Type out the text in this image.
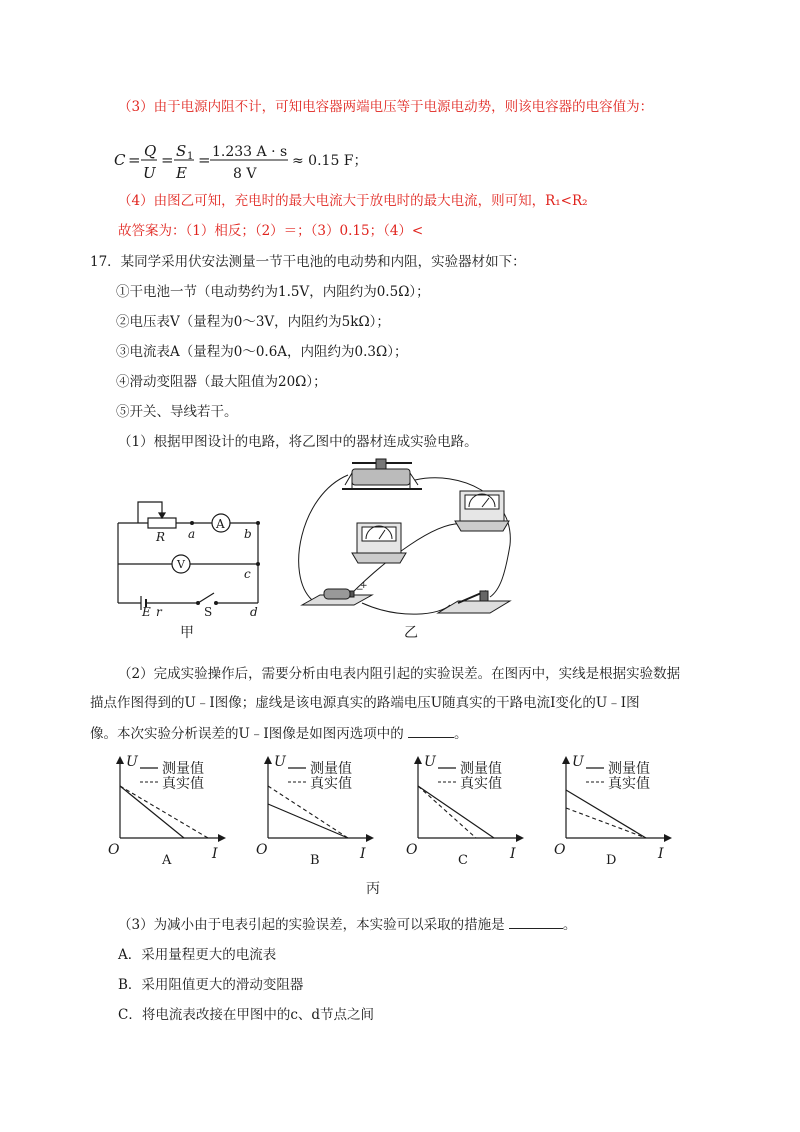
（3）由于电源内阻不计，可知电容器两端电压等于电源电动势，则该电容器的电容值为：
C = Q
U
= S 1
E
= 1.233 A · s
8 V
≈ 0.15 F；
（4）由图乙可知，充电时的最大电流大于放电时的最大电流，则可知，R₁<R₂
故答案为：（1）相反；（2）＝；（3）0.15；（4）<
17．某同学采用伏安法测量一节干电池的电动势和内阻，实验器材如下：
①干电池一节（电动势约为1.5V，内阻约为0.5Ω）；
②电压表V（量程为0～3V，内阻约为5kΩ）；
③电流表A（量程为0～0.6A，内阻约为0.3Ω）；
④滑动变阻器（最大阻值为20Ω）；
⑤开关、导线若干。
（1）根据甲图设计的电路，将乙图中的器材连成实验电路。
A
V
R a	b
c
d
E r	S
甲
−
+
乙
（2）完成实验操作后，需要分析由电表内阻引起的实验误差。在图丙中，实线是根据实验数据
描点作图得到的U﹣I图像；虚线是该电源真实的路端电压U随真实的干路电流I变化的U﹣I图
像。本次实验分析误差的U﹣I图像是如图丙选项中的	。
U
I
O
U
I
O
U
I
O
U
I
O
测量值
真实值
测量值
真实值
测量值
真实值
测量值
真实值
A	B	C	D
丙
（3）为减小由于电表引起的实验误差，本实验可以采取的措施是	。
A．采用量程更大的电流表
B．采用阻值更大的滑动变阻器
C．将电流表改接在甲图中的c、d节点之间
